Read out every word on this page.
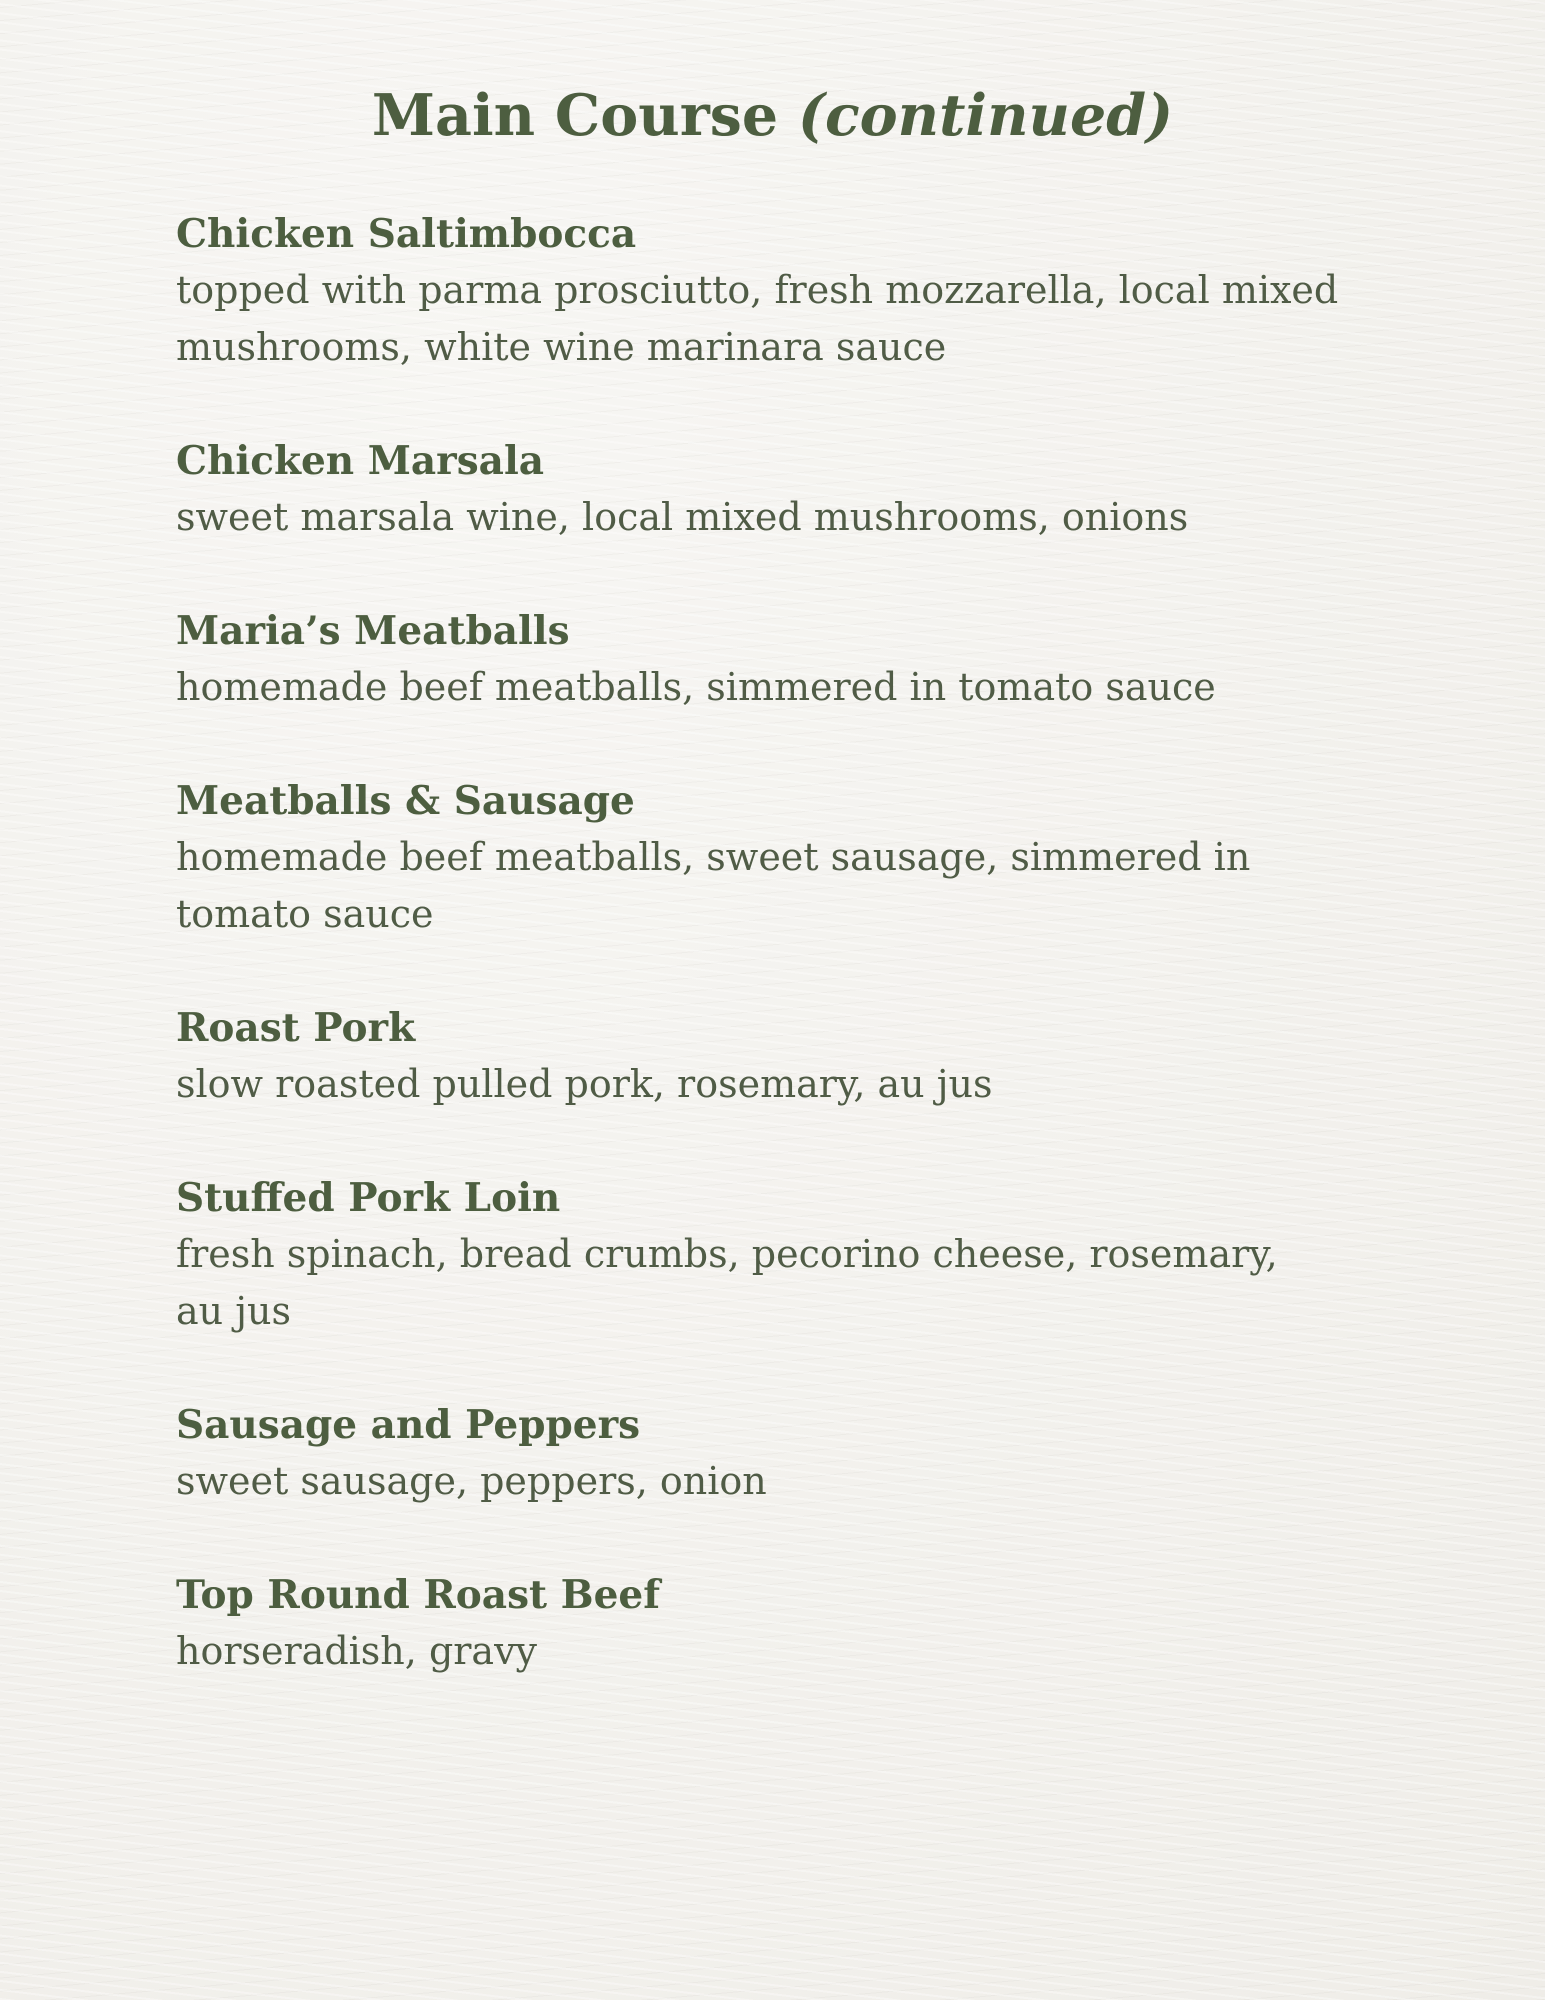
Main Course (continued)
Chicken Saltimbocca
topped with parma prosciutto, fresh mozzarella, local mixed mushrooms, white wine marinara sauce
Chicken Marsala
sweet marsala wine, local mixed mushrooms, onions
Maria’s Meatballs
homemade beef meatballs, simmered in tomato sauce
Meatballs & Sausage
homemade beef meatballs, sweet sausage, simmered in tomato sauce
Roast Pork
slow roasted pulled pork, rosemary, au jus
Stuffed Pork Loin
fresh spinach, bread crumbs, pecorino cheese, rosemary, au jus
Sausage and Peppers
sweet sausage, peppers, onion
Top Round Roast Beef
horseradish, gravy
